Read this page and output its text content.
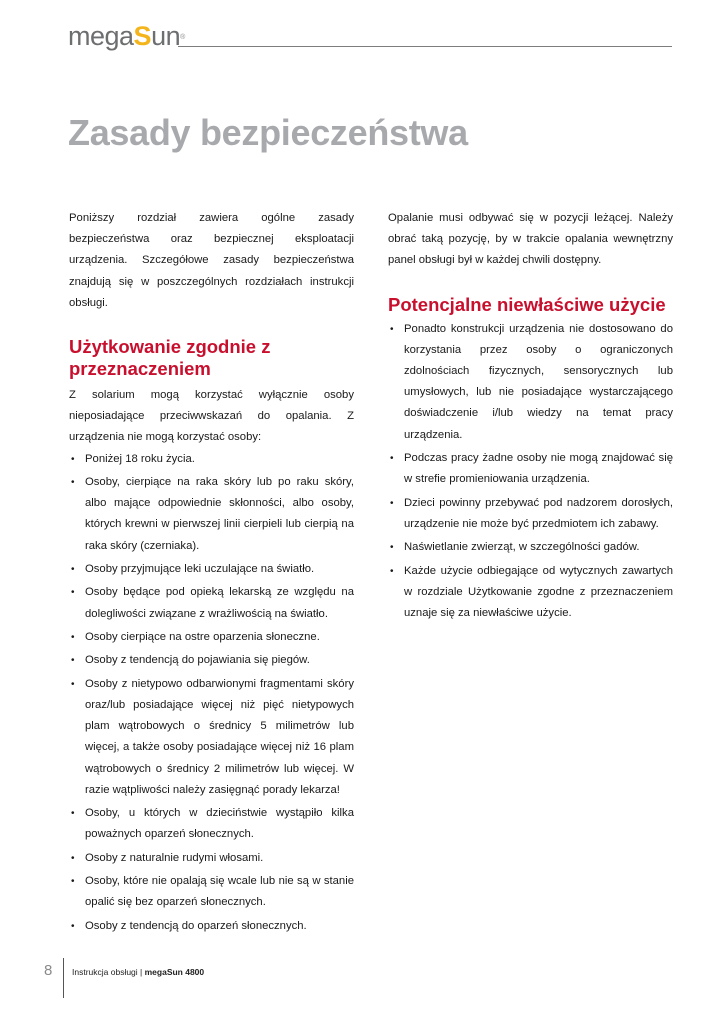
megaSun®
Zasady bezpieczeństwa

Poniższy rozdział zawiera ogólne zasady bezpieczeństwa oraz bezpiecznej eksploatacji urządzenia. Szczegółowe zasady bezpieczeństwa znajdują się w poszczególnych rozdziałach instrukcji obsługi.

Użytkowanie zgodnie z przeznaczeniem

Z solarium mogą korzystać wyłącznie osoby nieposiadające przeciwwskazań do opalania. Z urządzenia nie mogą korzystać osoby:

• Poniżej 18 roku życia.
• Osoby, cierpiące na raka skóry lub po raku skóry, albo mające odpowiednie skłonności, albo osoby, których krewni w pierwszej linii cierpieli lub cierpią na raka skóry (czerniaka).
• Osoby przyjmujące leki uczulające na światło.
• Osoby będące pod opieką lekarską ze względu na dolegliwości związane z wrażliwością na światło.
• Osoby cierpiące na ostre oparzenia słoneczne.
• Osoby z tendencją do pojawiania się piegów.
• Osoby z nietypowo odbarwionymi fragmentami skóry oraz/lub posiadające więcej niż pięć nietypowych plam wątrobowych o średnicy 5 milimetrów lub więcej, a także osoby posiadające więcej niż 16 plam wątrobowych o średnicy 2 milimetrów lub więcej. W razie wątpliwości należy zasięgnąć porady lekarza!
• Osoby, u których w dzieciństwie wystąpiło kilka poważnych oparzeń słonecznych.
• Osoby z naturalnie rudymi włosami.
• Osoby, które nie opalają się wcale lub nie są w stanie opalić się bez oparzeń słonecznych.
• Osoby z tendencją do oparzeń słonecznych.

Opalanie musi odbywać się w pozycji leżącej. Należy obrać taką pozycję, by w trakcie opalania wewnętrzny panel obsługi był w każdej chwili dostępny.

Potencjalne niewłaściwe użycie
• Ponadto konstrukcji urządzenia nie dostosowano do korzystania przez osoby o ograniczonych zdolnościach fizycznych, sensorycznych lub umysłowych, lub nie posiadające wystarczającego doświadczenie i/lub wiedzy na temat pracy urządzenia.
• Podczas pracy żadne osoby nie mogą znajdować się w strefie promieniowania urządzenia.
• Dzieci powinny przebywać pod nadzorem dorosłych, urządzenie nie może być przedmiotem ich zabawy.
• Naświetlanie zwierząt, w szczególności gadów.
• Każde użycie odbiegające od wytycznych zawartych w rozdziale Użytkowanie zgodne z przeznaczeniem uznaje się za niewłaściwe użycie.
8 Instrukcja obsługi | megaSun 4800
